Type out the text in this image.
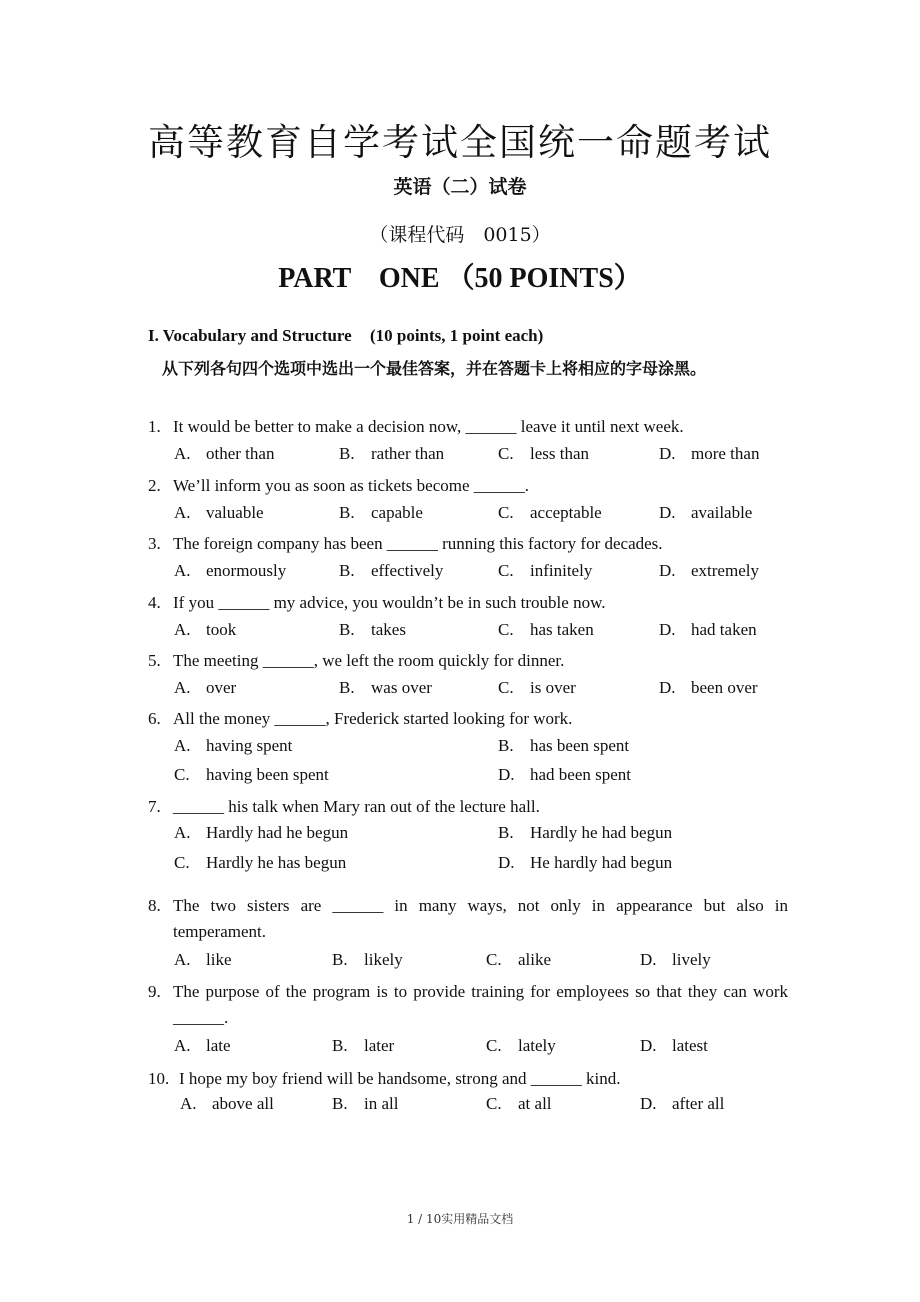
高等教育自学考试全国统一命题考试
英语（二）试卷
（课程代码　0015）
PART　ONE （50 POINTS）
I. Vocabulary and Structure (10 points, 1 point each)
从下列各句四个选项中选出一个最佳答案，并在答题卡上将相应的字母涂黑。
1. It would be better to make a decision now, ______ leave it until next week.
A. other than	B. rather than	C. less than	D. more than
2. We’ll inform you as soon as tickets become ______.
A. valuable	B. capable	C. acceptable	D. available
3. The foreign company has been ______ running this factory for decades.
A. enormously	B. effectively	C. infinitely	D. extremely
4. If you ______ my advice, you wouldn’t be in such trouble now.
A. took	B. takes	C. has taken	D. had taken
5. The meeting ______, we left the room quickly for dinner.
A. over	B. was over	C. is over	D. been over
6. All the money ______, Frederick started looking for work.
A. having spent	B. has been spent
C. having been spent	D. had been spent
7. ______ his talk when Mary ran out of the lecture hall.
A. Hardly had he begun	B. Hardly he had begun
C. Hardly he has begun	D. He hardly had begun
8. The two sisters are ______ in many ways, not only in appearance but also in temperament.
A. like	B. likely	C. alike	D. lively
9. The purpose of the program is to provide training for employees so that they can work ______.
A. late	B. later	C. lately	D. latest
10. I hope my boy friend will be handsome, strong and ______ kind.
A. above all	B. in all	C. at all	D. after all
1 / 10实用精品文档
